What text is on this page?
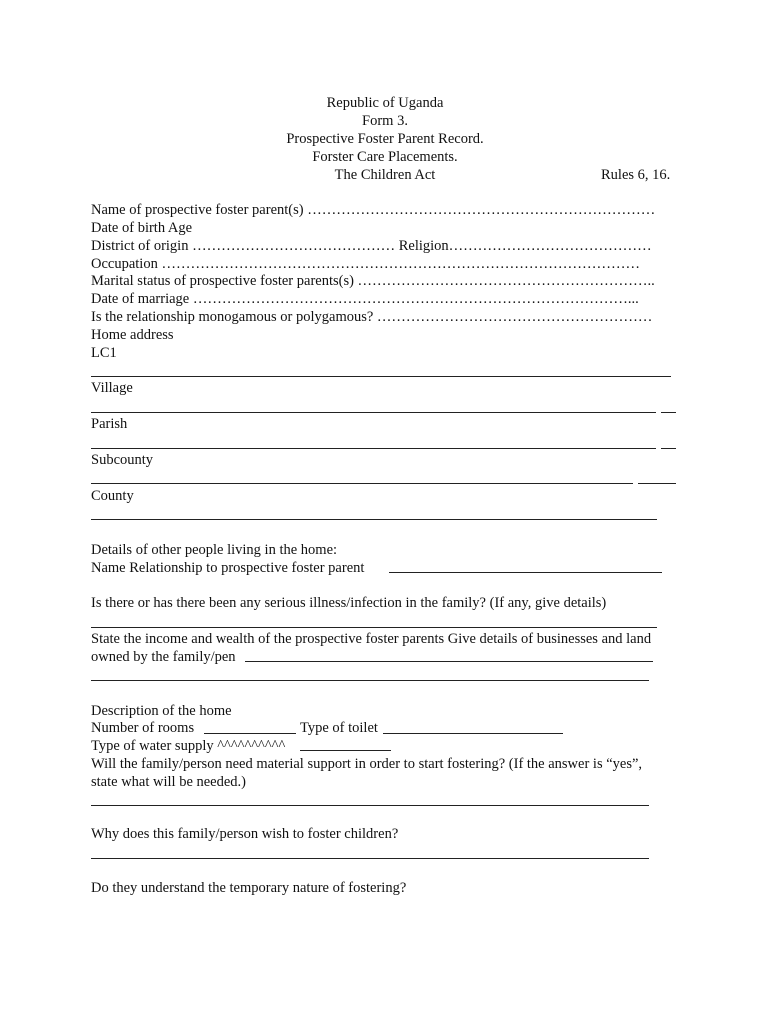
Republic of Uganda
Form 3.
Prospective Foster Parent Record.
Forster Care Placements.
The Children Act	Rules 6, 16.
Name of prospective foster parent(s) ………………………………………………………………
Date of birth Age
District of origin …………………………………… Religion……………………………………
Occupation ………………………………………………………………………………………
Marital status of prospective foster parents(s) ……………………………………………………..
Date of marriage ………………………………………………………………………………...
Is the relationship monogamous or polygamous? …………………………………………………
Home address
LC1
Village
Parish
Subcounty
County
Details of other people living in the home:
Name Relationship to prospective foster parent
Is there or has there been any serious illness/infection in the family? (If any, give details)
State the income and wealth of the prospective foster parents Give details of businesses and land
owned by the family/pen
Description of the home
Number of rooms	Type of toilet
Type of water supply ^^^^^^^^^^
Will the family/person need material support in order to start fostering? (If the answer is “yes”,
state what will be needed.)
Why does this family/person wish to foster children?
Do they understand the temporary nature of fostering?
